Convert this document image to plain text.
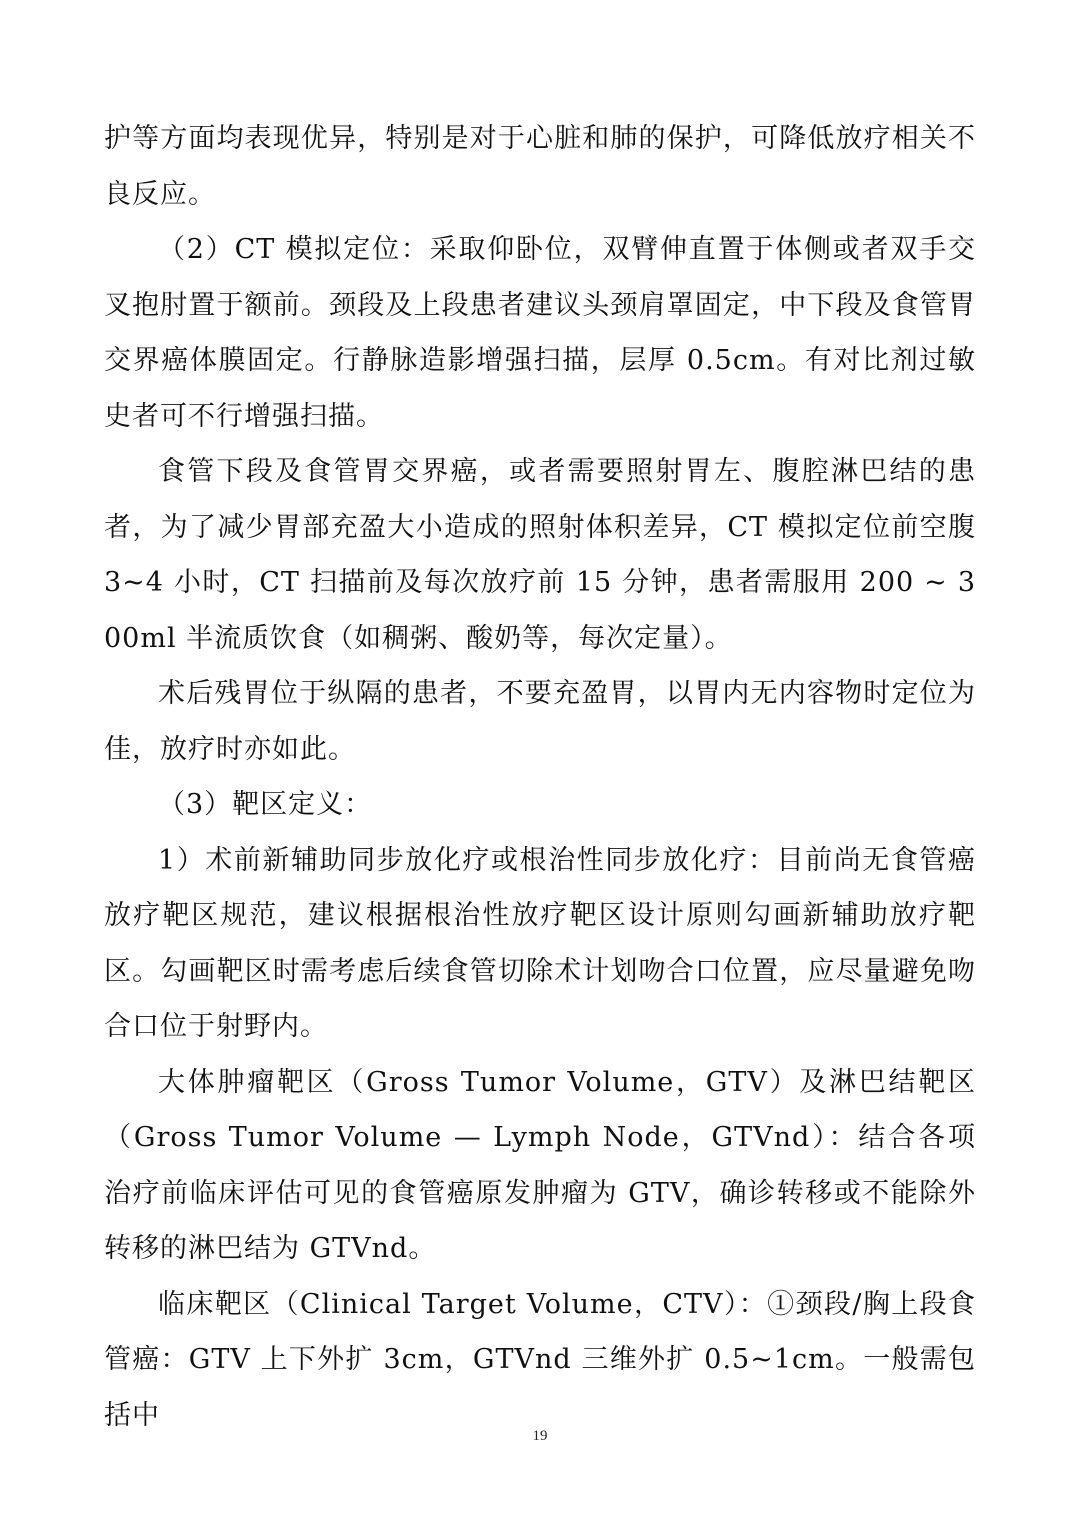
护等方面均表现优异，特别是对于心脏和肺的保护，可降低放疗相关不良反应。

（2）CT 模拟定位：采取仰卧位，双臂伸直置于体侧或者双手交叉抱肘置于额前。颈段及上段患者建议头颈肩罩固定，中下段及食管胃交界癌体膜固定。行静脉造影增强扫描，层厚 0.5cm。有对比剂过敏史者可不行增强扫描。

食管下段及食管胃交界癌，或者需要照射胃左、腹腔淋巴结的患者，为了减少胃部充盈大小造成的照射体积差异，CT 模拟定位前空腹 3~4 小时，CT 扫描前及每次放疗前 15 分钟，患者需服用 200 ~ 300ml 半流质饮食（如稠粥、酸奶等，每次定量）。

术后残胃位于纵隔的患者，不要充盈胃，以胃内无内容物时定位为佳，放疗时亦如此。

（3）靶区定义：

1）术前新辅助同步放化疗或根治性同步放化疗：目前尚无食管癌放疗靶区规范，建议根据根治性放疗靶区设计原则勾画新辅助放疗靶区。勾画靶区时需考虑后续食管切除术计划吻合口位置，应尽量避免吻合口位于射野内。

大体肿瘤靶区（Gross Tumor Volume，GTV）及淋巴结靶区（Gross Tumor Volume — Lymph Node，GTVnd）：结合各项治疗前临床评估可见的食管癌原发肿瘤为 GTV，确诊转移或不能除外转移的淋巴结为 GTVnd。

临床靶区（Clinical Target Volume，CTV）：①颈段/胸上段食管癌：GTV 上下外扩 3cm，GTVnd 三维外扩 0.5~1cm。一般需包括中

19
